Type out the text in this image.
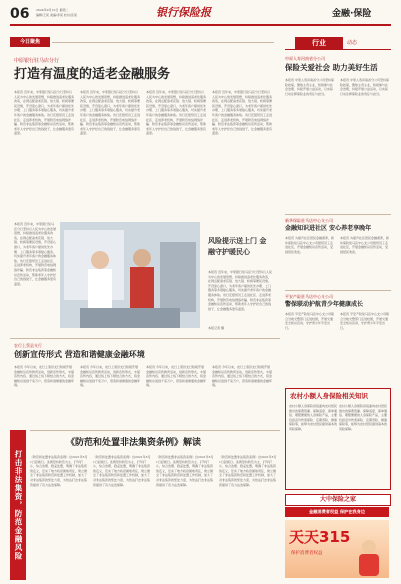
06 2024年9月10日 星期二
编辑/王某 美编/李某 校对/张某	银行保险报	金融·保险
今日聚焦
中原银行驻马店分行
打造有温度的适老金融服务
本报讯 近年来，中原银行驻马店分行坚持以人民为中心的发展思想，持续推进适老化服务改造，在网点配备老花镜、放大镜、轮椅等便民设施，开设爱心窗口，为老年客户提供优先办理、上门服务等多项贴心服务，切实提升老年客户的金融服务体验。该行还组织员工走进社区、走进养老机构，开展防范电信网络诈骗、防范非法集资等金融知识宣传活动，帮助老年人守护好自己的钱袋子，让金融服务更有温度。
本报讯 近年来，中原银行驻马店分行坚持以人民为中心的发展思想，持续推进适老化服务改造，在网点配备老花镜、放大镜、轮椅等便民设施，开设爱心窗口，为老年客户提供优先办理、上门服务等多项贴心服务，切实提升老年客户的金融服务体验。该行还组织员工走进社区、走进养老机构，开展防范电信网络诈骗、防范非法集资等金融知识宣传活动，帮助老年人守护好自己的钱袋子，让金融服务更有温度。
本报讯 近年来，中原银行驻马店分行坚持以人民为中心的发展思想，持续推进适老化服务改造，在网点配备老花镜、放大镜、轮椅等便民设施，开设爱心窗口，为老年客户提供优先办理、上门服务等多项贴心服务，切实提升老年客户的金融服务体验。该行还组织员工走进社区、走进养老机构，开展防范电信网络诈骗、防范非法集资等金融知识宣传活动，帮助老年人守护好自己的钱袋子，让金融服务更有温度。
本报讯 近年来，中原银行驻马店分行坚持以人民为中心的发展思想，持续推进适老化服务改造，在网点配备老花镜、放大镜、轮椅等便民设施，开设爱心窗口，为老年客户提供优先办理、上门服务等多项贴心服务，切实提升老年客户的金融服务体验。该行还组织员工走进社区、走进养老机构，开展防范电信网络诈骗、防范非法集资等金融知识宣传活动，帮助老年人守护好自己的钱袋子，让金融服务更有温度。
本报讯 近年来，中原银行驻马店分行坚持以人民为中心的发展思想，持续推进适老化服务改造，在网点配备老花镜、放大镜、轮椅等便民设施，开设爱心窗口，为老年客户提供优先办理、上门服务等多项贴心服务，切实提升老年客户的金融服务体验。该行还组织员工走进社区、走进养老机构，开展防范电信网络诈骗、防范非法集资等金融知识宣传活动，帮助老年人守护好自己的钱袋子，让金融服务更有温度。
风险提示送上门 金融守护暖民心
本报讯 近年来，中原银行驻马店分行坚持以人民为中心的发展思想，持续推进适老化服务改造，在网点配备老花镜、放大镜、轮椅等便民设施，开设爱心窗口，为老年客户提供优先办理、上门服务等多项贴心服务，切实提升老年客户的金融服务体验。该行还组织员工走进社区、走进养老机构，开展防范电信网络诈骗、防范非法集资等金融知识宣传活动，帮助老年人守护好自己的钱袋子，让金融服务更有温度。
本报记者 摄
行业	动态
中原人寿河南省分公司
保险关爱社会 助力美好生活
本报讯 中原人寿河南省分公司坚持保险姓保，聚焦主责主业，积极参与社会治理，持续开展公益活动，以实际行动诠释保险业的责任与担当。
本报讯 中原人寿河南省分公司坚持保险姓保，聚焦主责主业，积极参与社会治理，持续开展公益活动，以实际行动诠释保险业的责任与担当。
新华保险驻马店中心支公司
金融知识进社区 安心养老享晚年
本报讯 为提升社区居民金融素养，新华保险驻马店中心支公司组织员工走进社区，开展金融知识宣传活动，受到居民欢迎。
本报讯 为提升社区居民金融素养，新华保险驻马店中心支公司组织员工走进社区，开展金融知识宣传活动，受到居民欢迎。
平安产险驻马店中心支公司
警保联动护航青少年健康成长
本报讯 平安产险驻马店中心支公司联合当地交警部门走进校园，开展交通安全知识宣讲，守护青少年平安出行。
本报讯 平安产险驻马店中心支公司联合当地交警部门走进校园，开展交通安全知识宣讲，守护青少年平安出行。
农行上蔡县支行
创新宣传形式 营造和谐健康金融环境
本报讯 今年以来，农行上蔡县支行积极开展金融知识宣传教育活动，创新宣传形式，丰富宣传内容，通过线上线下相结合的方式，将金融知识送到千家万户，营造和谐健康的金融环境。
本报讯 今年以来，农行上蔡县支行积极开展金融知识宣传教育活动，创新宣传形式，丰富宣传内容，通过线上线下相结合的方式，将金融知识送到千家万户，营造和谐健康的金融环境。
本报讯 今年以来，农行上蔡县支行积极开展金融知识宣传教育活动，创新宣传形式，丰富宣传内容，通过线上线下相结合的方式，将金融知识送到千家万户，营造和谐健康的金融环境。
本报讯 今年以来，农行上蔡县支行积极开展金融知识宣传教育活动，创新宣传形式，丰富宣传内容，通过线上线下相结合的方式，将金融知识送到千家万户，营造和谐健康的金融环境。
农村小额人身保险相关知识
农村小额人身保险是指面向农村居民推出的保费低廉、保障适度、保单通俗、理赔便捷的人身保险产品，主要包括意外伤害保险、定期寿险、健康保险等，能够为农村居民提供基本的风险保障。
农村小额人身保险是指面向农村居民推出的保费低廉、保障适度、保单通俗、理赔便捷的人身保险产品，主要包括意外伤害保险、定期寿险、健康保险等，能够为农村居民提供基本的风险保障。
打击非法集资，防范金融风险
《防范和处置非法集资条例》解读
《防范和处置非法集资条例》自2021年5月1日起施行。条例坚持防范为主、打早打小，综合治理、稳妥处置，明确了非法集资的定义，压实了地方政府属地责任，建立健全了非法集资防范和处置工作机制，加大了对非法集资的惩处力度，为依法打击非法集资提供了有力法治保障。
《防范和处置非法集资条例》自2021年5月1日起施行。条例坚持防范为主、打早打小，综合治理、稳妥处置，明确了非法集资的定义，压实了地方政府属地责任，建立健全了非法集资防范和处置工作机制，加大了对非法集资的惩处力度，为依法打击非法集资提供了有力法治保障。
《防范和处置非法集资条例》自2021年5月1日起施行。条例坚持防范为主、打早打小，综合治理、稳妥处置，明确了非法集资的定义，压实了地方政府属地责任，建立健全了非法集资防范和处置工作机制，加大了对非法集资的惩处力度，为依法打击非法集资提供了有力法治保障。
《防范和处置非法集资条例》自2021年5月1日起施行。条例坚持防范为主、打早打小，综合治理、稳妥处置，明确了非法集资的定义，压实了地方政府属地责任，建立健全了非法集资防范和处置工作机制，加大了对非法集资的惩处力度，为依法打击非法集资提供了有力法治保障。
大中保险之家
金融消费者权益 保护在我身边
天天315
保护消费者权益
